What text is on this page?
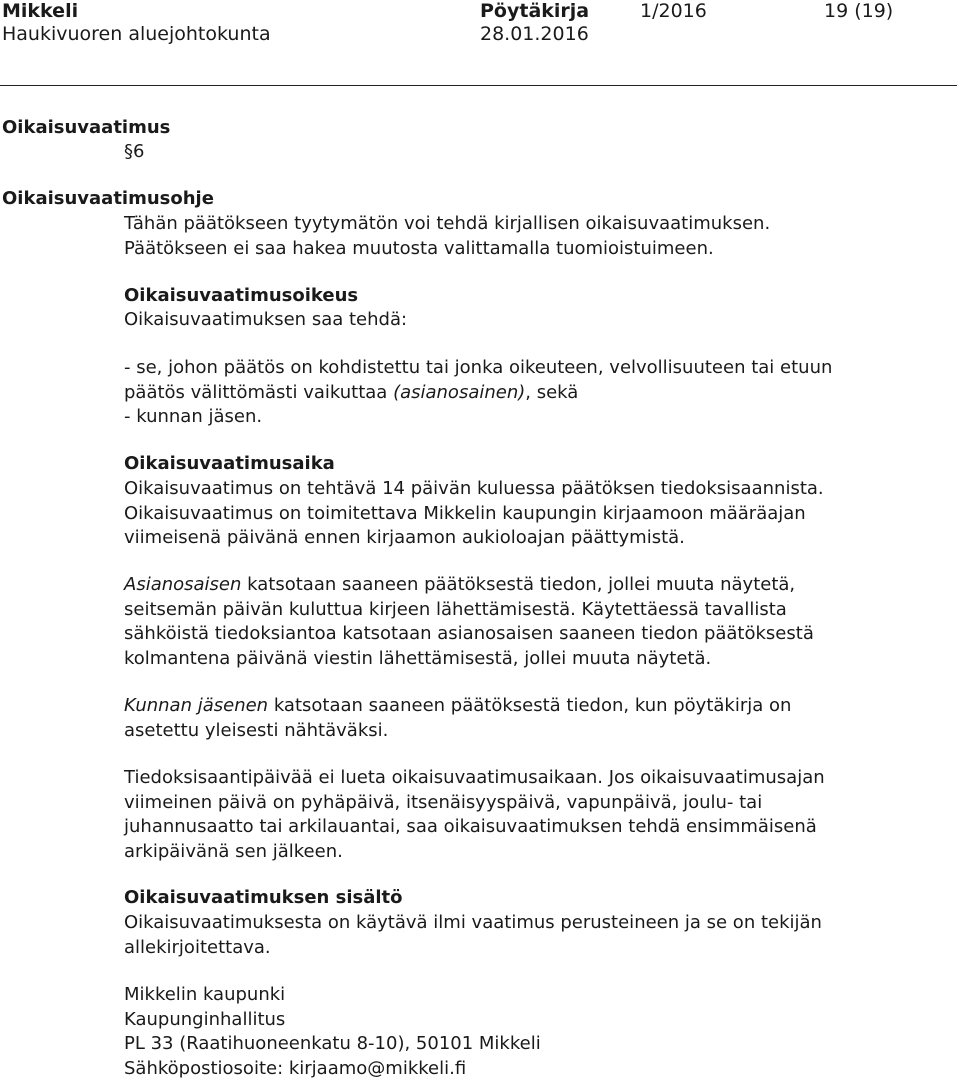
Mikkeli
Haukivuoren aluejohtokunta
Pöytäkirja
28.01.2016
1/2016	19 (19)
Oikaisuvaatimus
§6
Oikaisuvaatimusohje
Tähän päätökseen tyytymätön voi tehdä kirjallisen oikaisuvaatimuksen.
Päätökseen ei saa hakea muutosta valittamalla tuomioistuimeen.
Oikaisuvaatimusoikeus
Oikaisuvaatimuksen saa tehdä:
- se, johon päätös on kohdistettu tai jonka oikeuteen, velvollisuuteen tai etuun
päätös välittömästi vaikuttaa (asianosainen), sekä
- kunnan jäsen.
Oikaisuvaatimusaika
Oikaisuvaatimus on tehtävä 14 päivän kuluessa päätöksen tiedoksisaannista.
Oikaisuvaatimus on toimitettava Mikkelin kaupungin kirjaamoon määräajan
viimeisenä päivänä ennen kirjaamon aukioloajan päättymistä.
Asianosaisen katsotaan saaneen päätöksestä tiedon, jollei muuta näytetä,
seitsemän päivän kuluttua kirjeen lähettämisestä. Käytettäessä tavallista
sähköistä tiedoksiantoa katsotaan asianosaisen saaneen tiedon päätöksestä
kolmantena päivänä viestin lähettämisestä, jollei muuta näytetä.
Kunnan jäsenen katsotaan saaneen päätöksestä tiedon, kun pöytäkirja on
asetettu yleisesti nähtäväksi.
Tiedoksisaantipäivää ei lueta oikaisuvaatimusaikaan. Jos oikaisuvaatimusajan
viimeinen päivä on pyhäpäivä, itsenäisyyspäivä, vapunpäivä, joulu- tai
juhannusaatto tai arkilauantai, saa oikaisuvaatimuksen tehdä ensimmäisenä
arkipäivänä sen jälkeen.
Oikaisuvaatimuksen sisältö
Oikaisuvaatimuksesta on käytävä ilmi vaatimus perusteineen ja se on tekijän
allekirjoitettava.
Mikkelin kaupunki
Kaupunginhallitus
PL 33 (Raatihuoneenkatu 8-10), 50101 Mikkeli
Sähköpostiosoite: kirjaamo@mikkeli.fi
